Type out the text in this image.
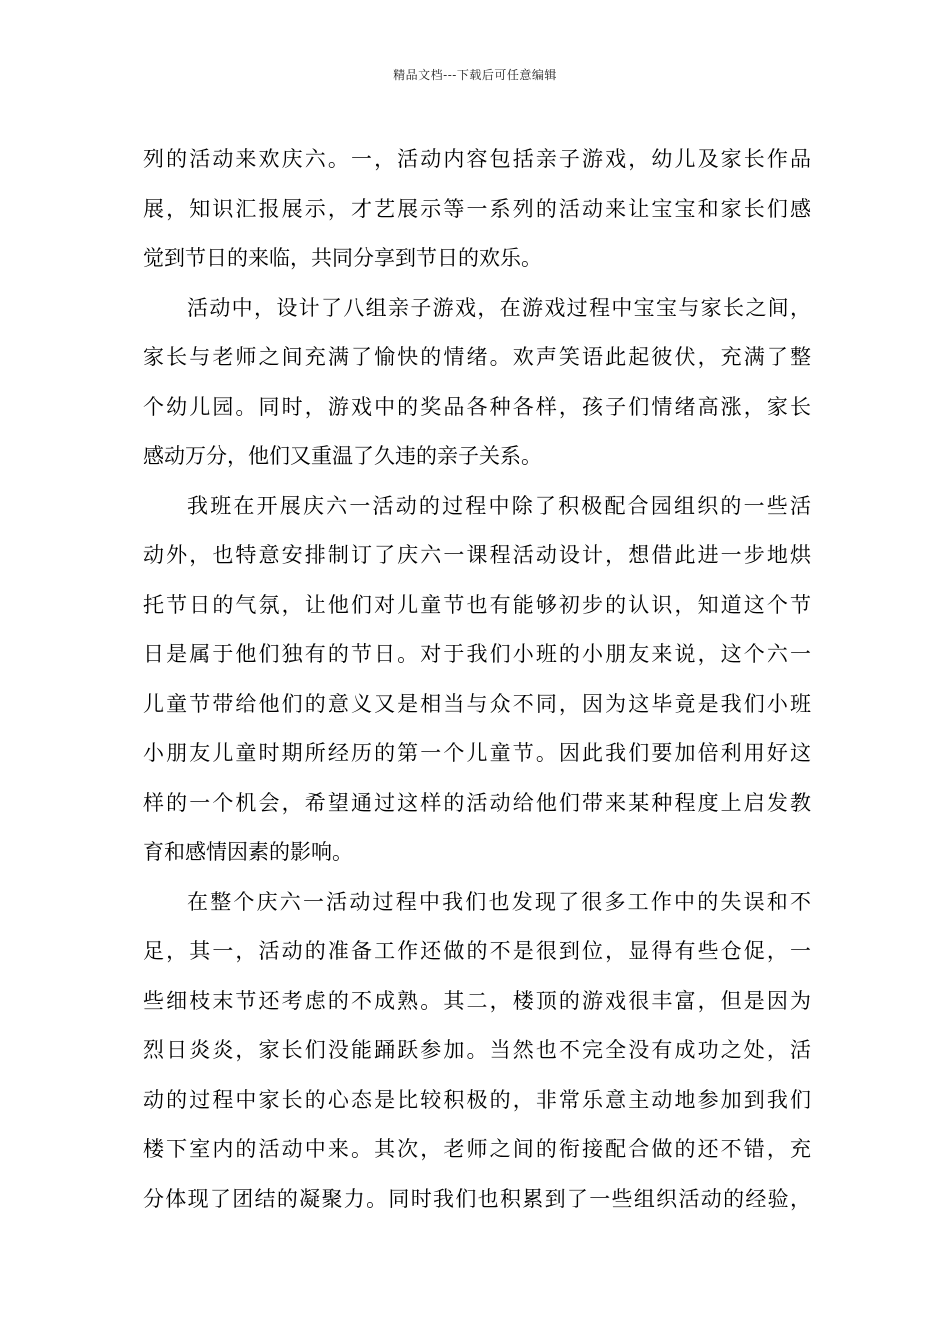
精品文档---下载后可任意编辑
列的活动来欢庆六。一，活动内容包括亲子游戏，幼儿及家长作品
展，知识汇报展示，才艺展示等一系列的活动来让宝宝和家长们感
觉到节日的来临，共同分享到节日的欢乐。
活动中，设计了八组亲子游戏，在游戏过程中宝宝与家长之间，
家长与老师之间充满了愉快的情绪。欢声笑语此起彼伏，充满了整
个幼儿园。同时，游戏中的奖品各种各样，孩子们情绪高涨，家长
感动万分，他们又重温了久违的亲子关系。
我班在开展庆六一活动的过程中除了积极配合园组织的一些活
动外，也特意安排制订了庆六一课程活动设计，想借此进一步地烘
托节日的气氛，让他们对儿童节也有能够初步的认识，知道这个节
日是属于他们独有的节日。对于我们小班的小朋友来说，这个六一
儿童节带给他们的意义又是相当与众不同，因为这毕竟是我们小班
小朋友儿童时期所经历的第一个儿童节。因此我们要加倍利用好这
样的一个机会，希望通过这样的活动给他们带来某种程度上启发教
育和感情因素的影响。
在整个庆六一活动过程中我们也发现了很多工作中的失误和不
足，其一，活动的准备工作还做的不是很到位，显得有些仓促，一
些细枝末节还考虑的不成熟。其二，楼顶的游戏很丰富，但是因为
烈日炎炎，家长们没能踊跃参加。当然也不完全没有成功之处，活
动的过程中家长的心态是比较积极的，非常乐意主动地参加到我们
楼下室内的活动中来。其次，老师之间的衔接配合做的还不错，充
分体现了团结的凝聚力。同时我们也积累到了一些组织活动的经验，
